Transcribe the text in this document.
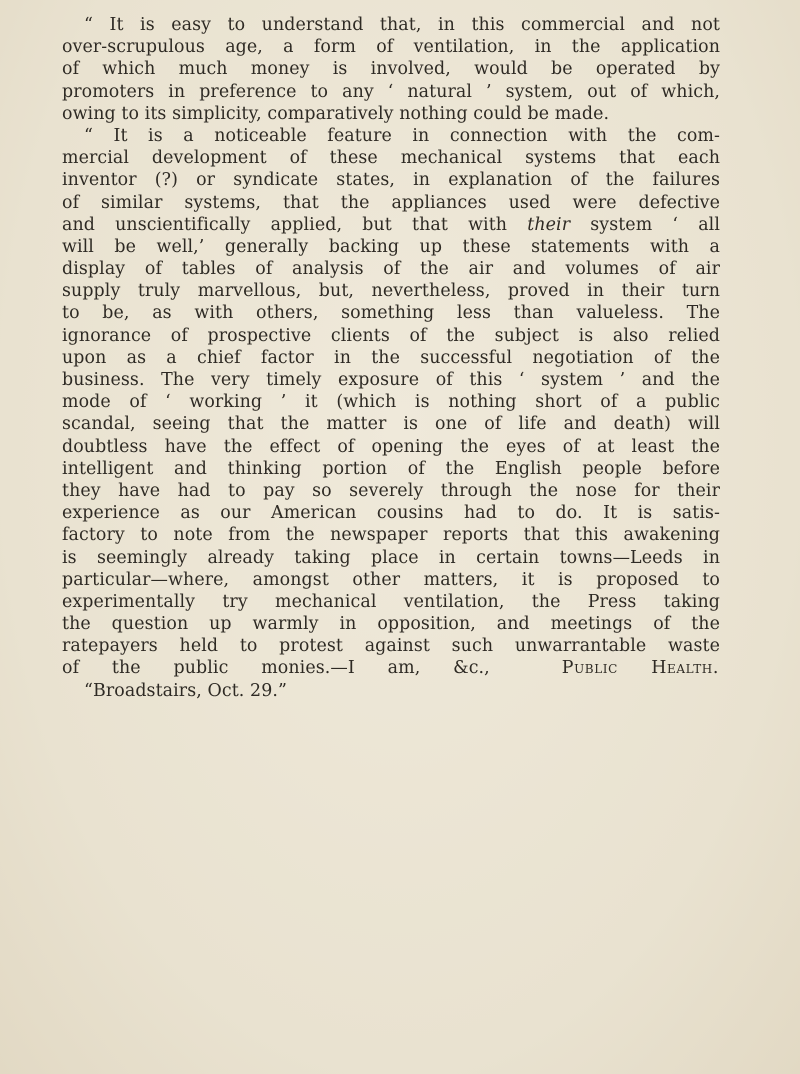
“ It is easy to understand that, in this commercial and not
over-scrupulous age, a form of ventilation, in the application
of which much money is involved, would be operated by
promoters in preference to any ‘ natural ’ system, out of which,
owing to its simplicity, comparatively nothing could be made.
“ It is a noticeable feature in connection with the com-
mercial development of these mechanical systems that each
inventor (?) or syndicate states, in explanation of the failures
of similar systems, that the appliances used were defective
and unscientifically applied, but that with their system ‘ all
will be well,’ generally backing up these statements with a
display of tables of analysis of the air and volumes of air
supply truly marvellous, but, nevertheless, proved in their turn
to be, as with others, something less than valueless. The
ignorance of prospective clients of the subject is also relied
upon as a chief factor in the successful negotiation of the
business. The very timely exposure of this ‘ system ’ and the
mode of ‘ working ’ it (which is nothing short of a public
scandal, seeing that the matter is one of life and death) will
doubtless have the effect of opening the eyes of at least the
intelligent and thinking portion of the English people before
they have had to pay so severely through the nose for their
experience as our American cousins had to do. It is satis-
factory to note from the newspaper reports that this awakening
is seemingly already taking place in certain towns—Leeds in
particular—where, amongst other matters, it is proposed to
experimentally try mechanical ventilation, the Press taking
the question up warmly in opposition, and meetings of the
ratepayers held to protest against such unwarrantable waste
of the public monies.—I am, &c.,	Public Health.
“Broadstairs, Oct. 29.”
